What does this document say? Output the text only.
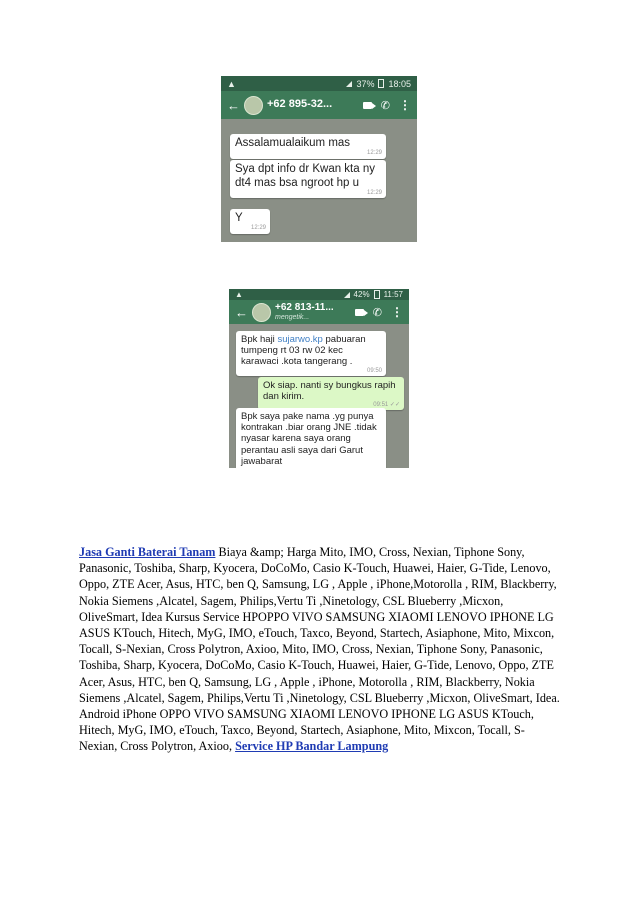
▲	37% 18:05
← +62 895-32...	✆ ⋮
Assalamualaikum mas
12:29
Sya dpt info dr Kwan kta ny dt4 mas bsa ngroot hp u
12:29
Y
12:29
▲	42% 11:57
←	+62 813-11...
mengetik...	✆ ⋮
Bpk haji sujarwo.kp pabuaran tumpeng rt 03 rw 02 kec karawaci .kota tangerang .
09:50
Ok siap. nanti sy bungkus rapih dan kirim.
09:51 ✓✓
Bpk saya pake nama .yg punya kontrakan .biar orang JNE .tidak nyasar karena saya orang perantau asli saya dari Garut jawabarat
Jasa Ganti Baterai Tanam Biaya &amp; Harga Mito, IMO, Cross, Nexian, Tiphone Sony, Panasonic, Toshiba, Sharp, Kyocera, DoCoMo, Casio K-Touch, Huawei, Haier, G-Tide, Lenovo, Oppo, ZTE Acer, Asus, HTC, ben Q, Samsung, LG , Apple , iPhone,Motorolla , RIM, Blackberry, Nokia Siemens ,Alcatel, Sagem, Philips,Vertu Ti ,Ninetology, CSL Blueberry ,Micxon, OliveSmart, Idea Kursus Service HPOPPO VIVO SAMSUNG XIAOMI LENOVO IPHONE LG ASUS KTouch, Hitech, MyG, IMO, eTouch, Taxco, Beyond, Startech, Asiaphone, Mito, Mixcon, Tocall, S-Nexian, Cross Polytron, Axioo, Mito, IMO, Cross, Nexian, Tiphone Sony, Panasonic, Toshiba, Sharp, Kyocera, DoCoMo, Casio K-Touch, Huawei, Haier, G-Tide, Lenovo, Oppo, ZTE Acer, Asus, HTC, ben Q, Samsung, LG , Apple , iPhone, Motorolla , RIM, Blackberry, Nokia Siemens ,Alcatel, Sagem, Philips,Vertu Ti ,Ninetology, CSL Blueberry ,Micxon, OliveSmart, Idea. Android iPhone OPPO VIVO SAMSUNG XIAOMI LENOVO IPHONE LG ASUS KTouch, Hitech, MyG, IMO, eTouch, Taxco, Beyond, Startech, Asiaphone, Mito, Mixcon, Tocall, S-Nexian, Cross Polytron, Axioo, Service HP Bandar Lampung
